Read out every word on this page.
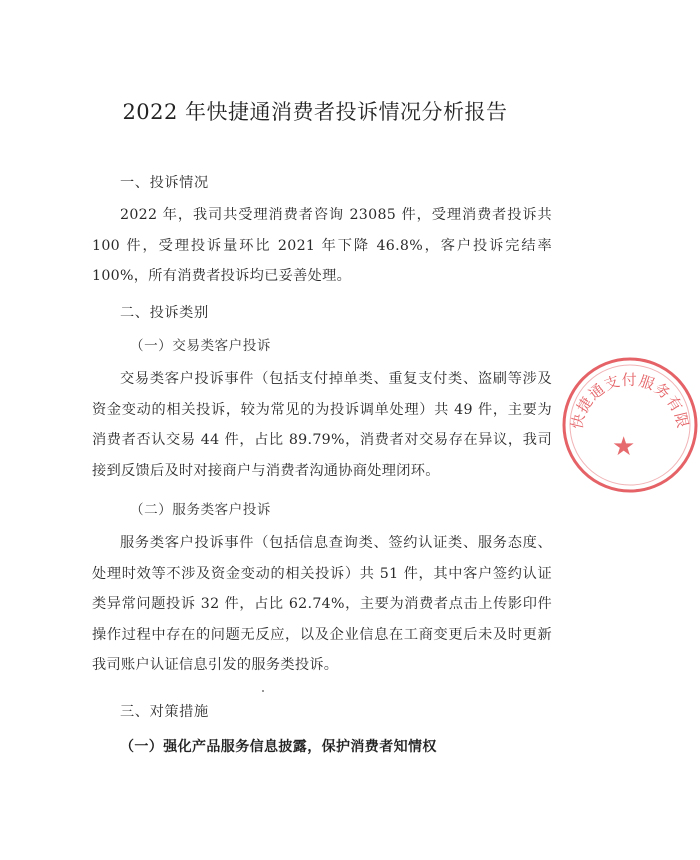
2022 年快捷通消费者投诉情况分析报告
一、投诉情况
2022 年，我司共受理消费者咨询 23085 件，受理消费者投诉共100 件，受理投诉量环比 2021 年下降 46.8%，客户投诉完结率 100%，所有消费者投诉均已妥善处理。
二、投诉类别
（一）交易类客户投诉
交易类客户投诉事件（包括支付掉单类、重复支付类、盗刷等涉及资金变动的相关投诉，较为常见的为投诉调单处理）共 49 件，主要为消费者否认交易 44 件，占比 89.79%，消费者对交易存在异议，我司接到反馈后及时对接商户与消费者沟通协商处理闭环。
（二）服务类客户投诉
服务类客户投诉事件（包括信息查询类、签约认证类、服务态度、处理时效等不涉及资金变动的相关投诉）共 51 件，其中客户签约认证类异常问题投诉 32 件，占比 62.74%，主要为消费者点击上传影印件操作过程中存在的问题无反应，以及企业信息在工商变更后未及时更新我司账户认证信息引发的服务类投诉。
三、对策措施
（一）强化产品服务信息披露，保护消费者知情权
快捷通支付服务有限
★
